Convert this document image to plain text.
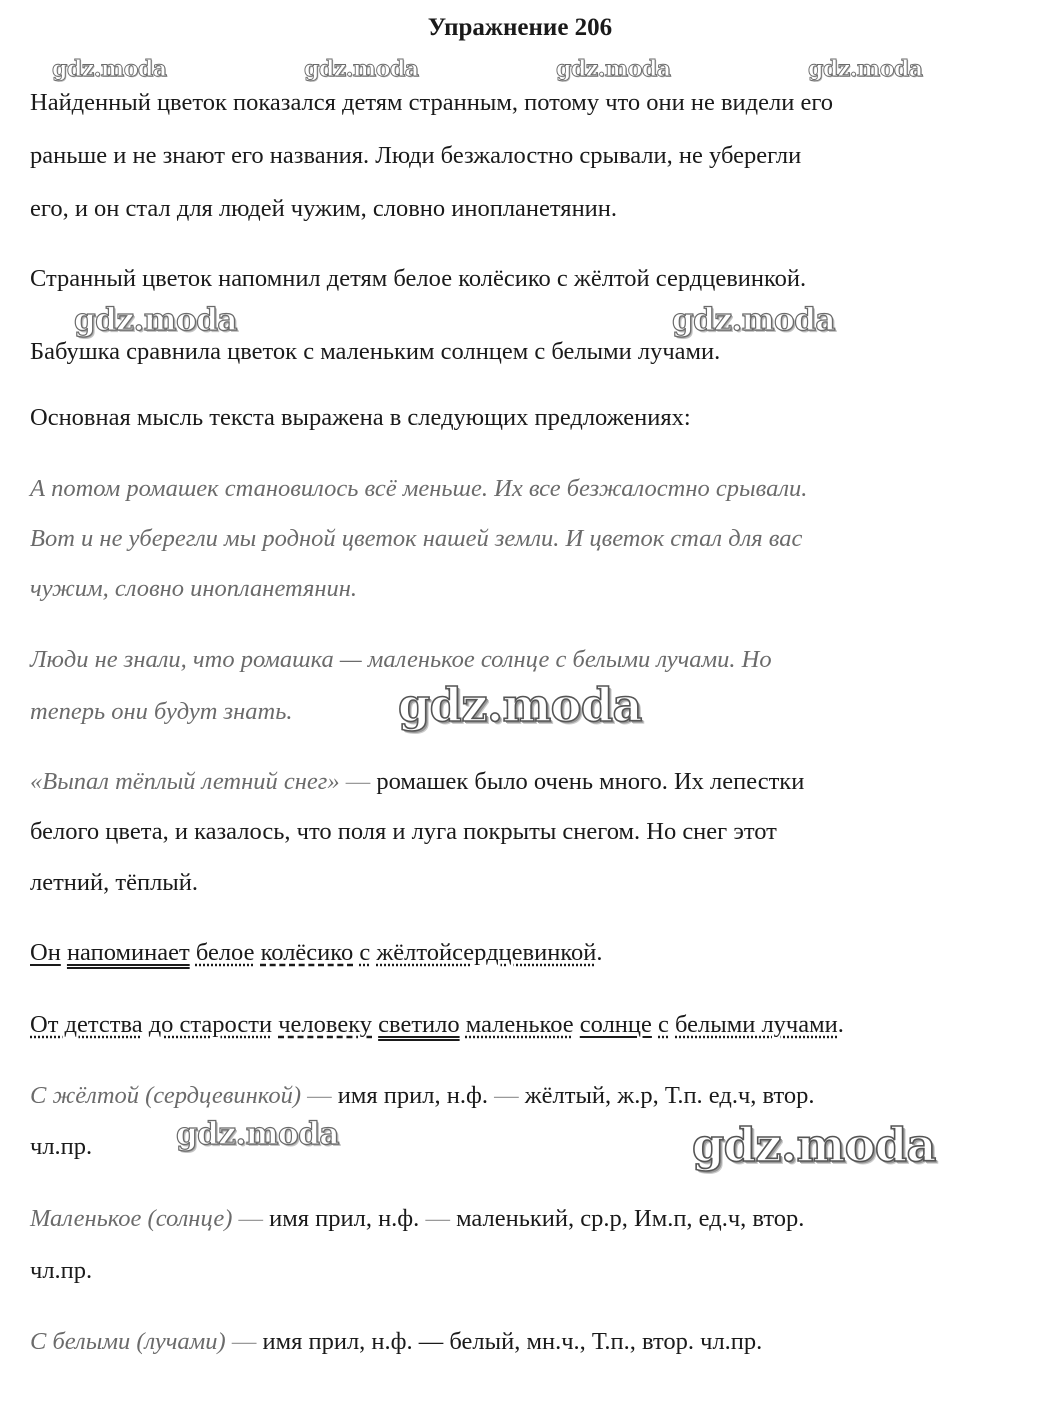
Упражнение 206
gdz.moda	gdz.moda	gdz.moda	gdz.moda
gdz.moda	gdz.moda
gdz.moda
gdz.moda	gdz.moda
Найденный цветок показался детям странным, потому что они не видели его
раньше и не знают его названия. Люди безжалостно срывали, не уберегли
его, и он стал для людей чужим, словно инопланетянин.
Странный цветок напомнил детям белое колёсико с жёлтой сердцевинкой.
Бабушка сравнила цветок с маленьким солнцем с белыми лучами.
Основная мысль текста выражена в следующих предложениях:
А потом ромашек становилось всё меньше. Их все безжалостно срывали.
Вот и не уберегли мы родной цветок нашей земли. И цветок стал для вас
чужим, словно инопланетянин.
Люди не знали, что ромашка — маленькое солнце с белыми лучами. Но
теперь они будут знать.
«Выпал тёплый летний снег» — ромашек было очень много. Их лепестки
белого цвета, и казалось, что поля и луга покрыты снегом. Но снег этот
летний, тёплый.
Он напоминает белое колёсико с жёлтойсердцевинкой.
От детства до старости человеку светило маленькое солнце с белыми лучами.
С жёлтой (сердцевинкой) — имя прил, н.ф. — жёлтый, ж.р, Т.п. ед.ч, втор.
чл.пр.
Маленькое (солнце) — имя прил, н.ф. — маленький, ср.р, Им.п, ед.ч, втор.
чл.пр.
С белыми (лучами) — имя прил, н.ф. — белый, мн.ч., Т.п., втор. чл.пр.
